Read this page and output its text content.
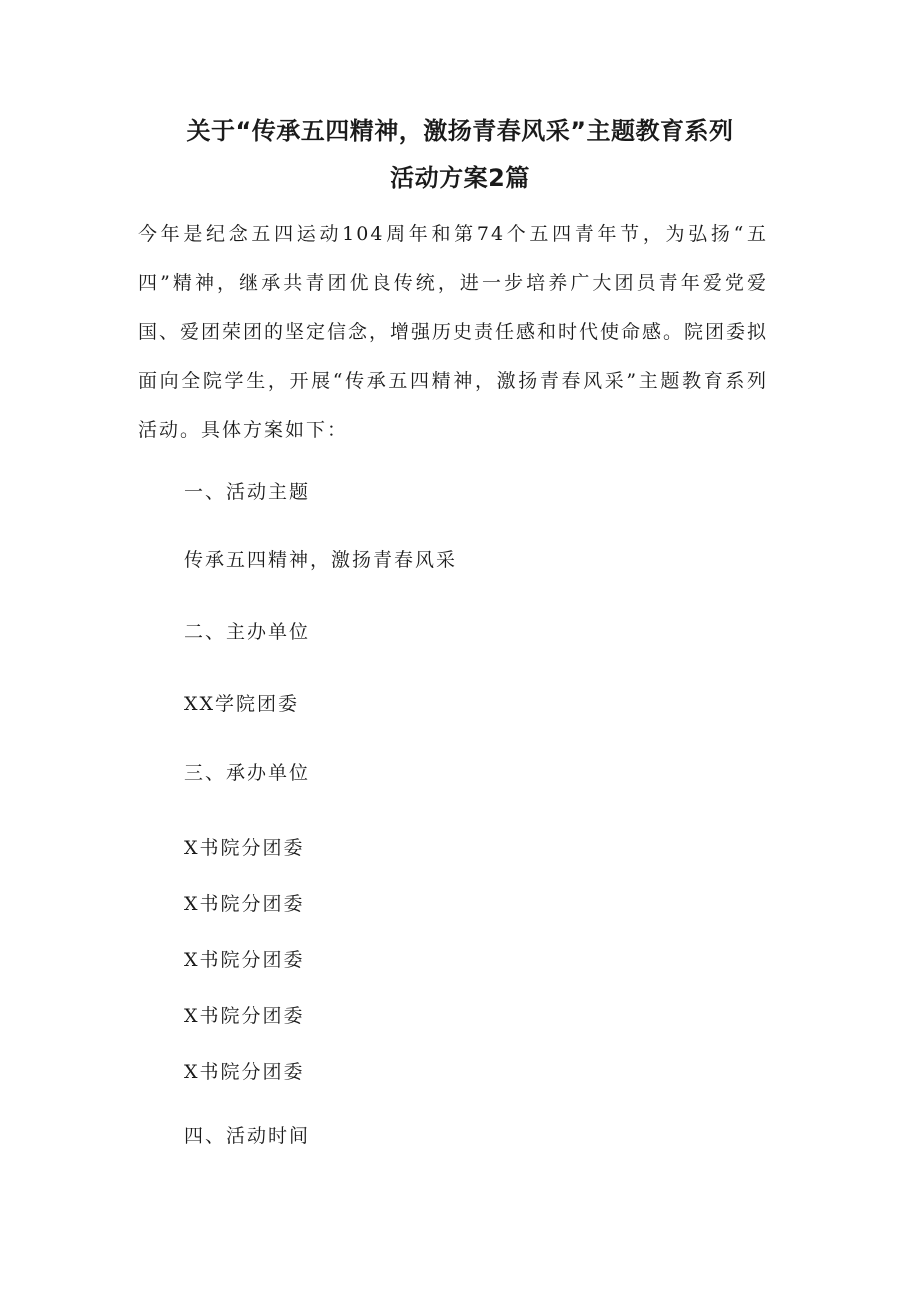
关于“传承五四精神，激扬青春风采”主题教育系列
活动方案2篇
今年是纪念五四运动104周年和第74个五四青年节，为弘扬“五四”精神，继承共青团优良传统，进一步培养广大团员青年爱党爱国、爱团荣团的坚定信念，增强历史责任感和时代使命感。院团委拟面向全院学生，开展“传承五四精神，激扬青春风采”主题教育系列活动。具体方案如下：
一、活动主题
传承五四精神，激扬青春风采
二、主办单位
XX学院团委
三、承办单位
X书院分团委
X书院分团委
X书院分团委
X书院分团委
X书院分团委
四、活动时间
